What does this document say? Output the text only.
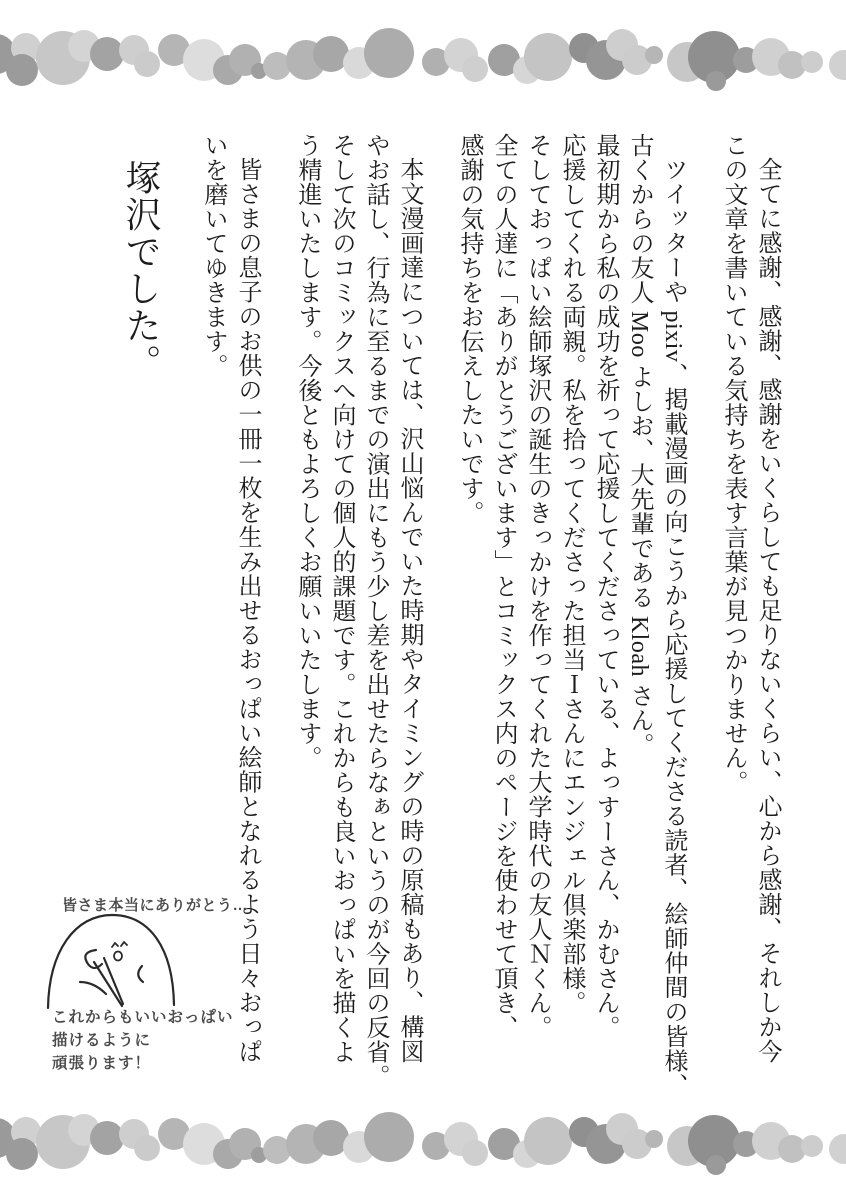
全てに感謝、感謝、感謝をいくらしても足りないくらい、心から感謝、それしか今
この文章を書いている気持ちを表す言葉が見つかりません。
ツイッターや pixiv、掲載漫画の向こうから応援してくださる読者、絵師仲間の皆様、
古くからの友人 Moo よしお、大先輩である Kloah さん。
最初期から私の成功を祈って応援してくださっている、よっすーさん、かむさん。
応援してくれる両親。私を拾ってくださった担当Ｉさんにエンジェル倶楽部様。
そしておっぱい絵師塚沢の誕生のきっかけを作ってくれた大学時代の友人Ｎくん。
全ての人達に「ありがとうございます」とコミックス内のページを使わせて頂き、
感謝の気持ちをお伝えしたいです。
本文漫画達については、沢山悩んでいた時期やタイミングの時の原稿もあり、構図
やお話し、行為に至るまでの演出にもう少し差を出せたらなぁというのが今回の反省。
そして次のコミックスへ向けての個人的課題です。これからも良いおっぱいを描くよ
う精進いたします。今後ともよろしくお願いいたします。
皆さまの息子のお供の一冊一枚を生み出せるおっぱい絵師となれるよう日々おっぱ
いを磨いてゆきます。
塚沢でした。
皆さま本当にありがとう…
これからもいいおっぱい
描けるように
頑張ります！
